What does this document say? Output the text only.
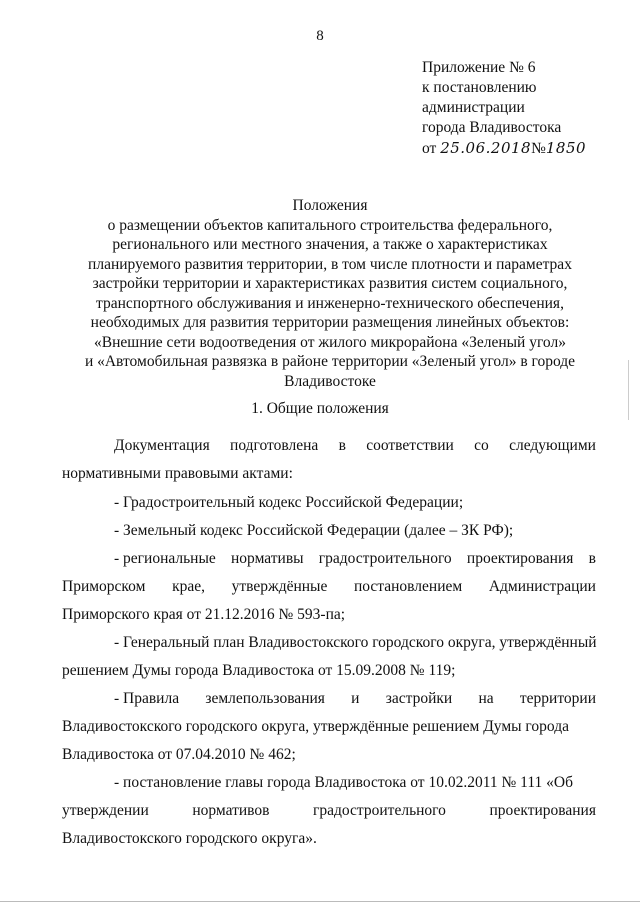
8
Приложение № 6
к постановлению
администрации
города Владивостока
от 25.06.2018№1850
Положения
о размещении объектов капитального строительства федерального,
регионального или местного значения, а также о характеристиках
планируемого развития территории, в том числе плотности и параметрах
застройки территории и характеристиках развития систем социального,
транспортного обслуживания и инженерно-технического обеспечения,
необходимых для развития территории размещения линейных объектов:
«Внешние сети водоотведения от жилого микрорайона «Зеленый угол»
и «Автомобильная развязка в районе территории «Зеленый угол» в городе
Владивостоке
1. Общие положения
Документация подготовлена в соответствии со следующими
нормативными правовыми актами:
- Градостроительный кодекс Российской Федерации;
- Земельный кодекс Российской Федерации (далее – ЗК РФ);
- региональные нормативы градостроительного проектирования в
Приморском крае, утверждённые постановлением Администрации
Приморского края от 21.12.2016 № 593-па;
- Генеральный план Владивостокского городского округа, утверждённый
решением Думы города Владивостока от 15.09.2008 № 119;
- Правила землепользования и застройки на территории
Владивостокского городского округа, утверждённые решением Думы города
Владивостока от 07.04.2010 № 462;
- постановление главы города Владивостока от 10.02.2011 № 111 «Об
утверждении	нормативов	градостроительного	проектирования
Владивостокского городского округа».
